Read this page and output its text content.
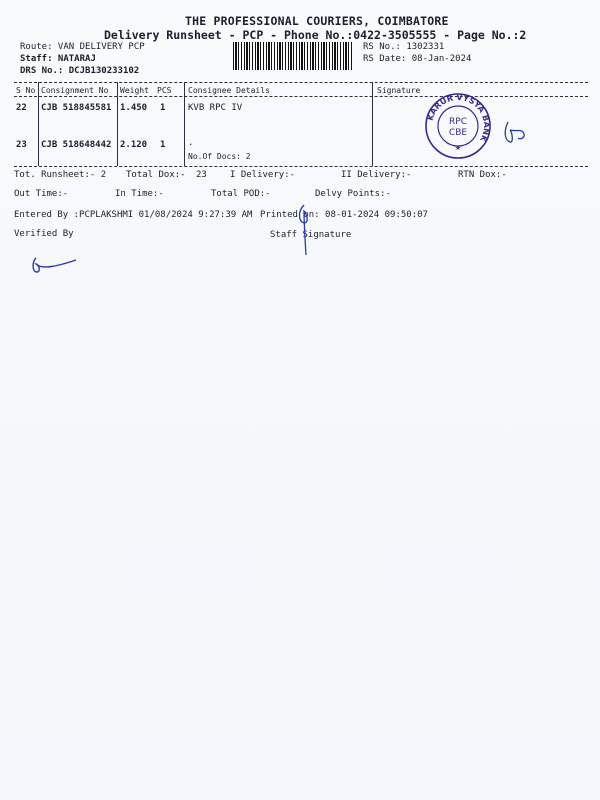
THE PROFESSIONAL COURIERS, COIMBATORE
Delivery Runsheet - PCP - Phone No.:0422-3505555 - Page No.:2
Route: VAN DELIVERY PCP
Staff: NATARAJ
DRS No.: DCJB130233102
RS No.: 1302331
RS Date: 08-Jan-2024
S No Consignment No Weight PCS Consignee Details	Signature
22 CJB 518845581 1.450 1	KVB RPC IV
23 CJB 518648442 2.120 1	.
No.Of Docs: 2
KARUR VYSYA BANK
RPC
CBE
★
Tot. Runsheet:- 2 Total Dox:- 23	I Delivery:-	II Delivery:-	RTN Dox:-
Out Time:-	In Time:-	Total POD:-	Delvy Points:-
Entered By :PCPLAKSHMI 01/08/2024 9:27:39 AM Printed on: 08-01-2024 09:50:07
Verified By	Staff Signature
